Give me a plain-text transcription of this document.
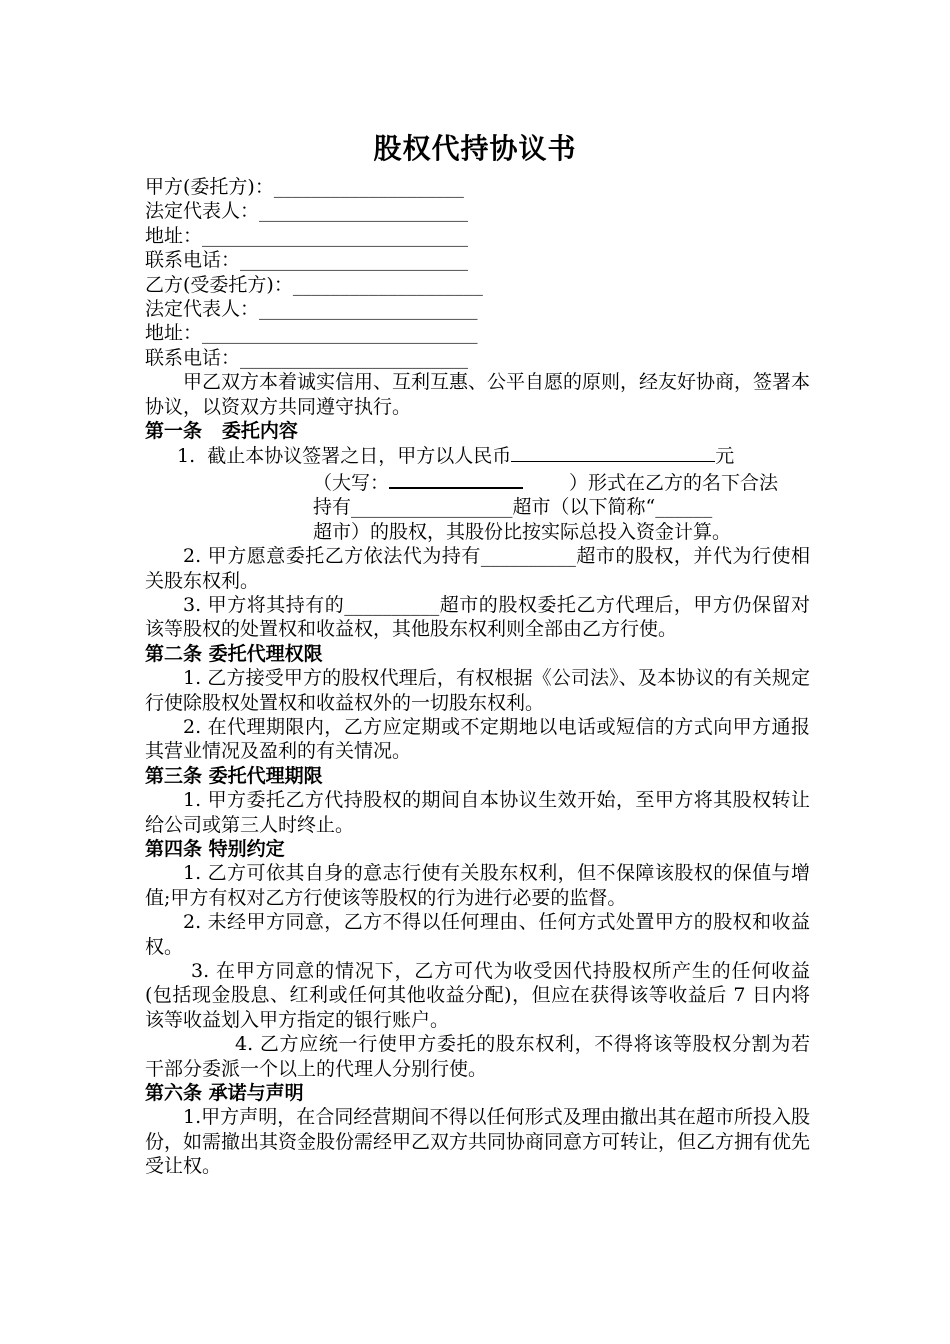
股权代持协议书
甲方(委托方)：____________________
法定代表人：______________________
地址：____________________________
联系电话：________________________
乙方(受委托方)：____________________
法定代表人：_______________________
地址：_____________________________
联系电话：________________________
甲乙双方本着诚实信用、互利互惠、公平自愿的原则，经友好协商，签署本协议，以资双方共同遵守执行。
第一条   委托内容
1.  截止本协议签署之日，甲方以人民币	元
（大写：	）形式在乙方的名下合法
持有_________________超市（以下简称“______
超市）的股权，其股份比按实际总投入资金计算。
2. 甲方愿意委托乙方依法代为持有__________超市的股权，并代为行使相关股东权利。
3. 甲方将其持有的__________超市的股权委托乙方代理后，甲方仍保留对该等股权的处置权和收益权，其他股东权利则全部由乙方行使。
第二条 委托代理权限
1. 乙方接受甲方的股权代理后，有权根据《公司法》、及本协议的有关规定行使除股权处置权和收益权外的一切股东权利。
2. 在代理期限内，乙方应定期或不定期地以电话或短信的方式向甲方通报其营业情况及盈利的有关情况。
第三条 委托代理期限
1. 甲方委托乙方代持股权的期间自本协议生效开始，至甲方将其股权转让给公司或第三人时终止。
第四条 特别约定
1. 乙方可依其自身的意志行使有关股东权利，但不保障该股权的保值与增值;甲方有权对乙方行使该等股权的行为进行必要的监督。
2. 未经甲方同意，乙方不得以任何理由、任何方式处置甲方的股权和收益权。
3. 在甲方同意的情况下，乙方可代为收受因代持股权所产生的任何收益(包括现金股息、红利或任何其他收益分配)，但应在获得该等收益后 7 日内将该等收益划入甲方指定的银行账户。
4. 乙方应统一行使甲方委托的股东权利，不得将该等股权分割为若干部分委派一个以上的代理人分别行使。
第六条 承诺与声明
1.甲方声明，在合同经营期间不得以任何形式及理由撤出其在超市所投入股份，如需撤出其资金股份需经甲乙双方共同协商同意方可转让，但乙方拥有优先受让权。
